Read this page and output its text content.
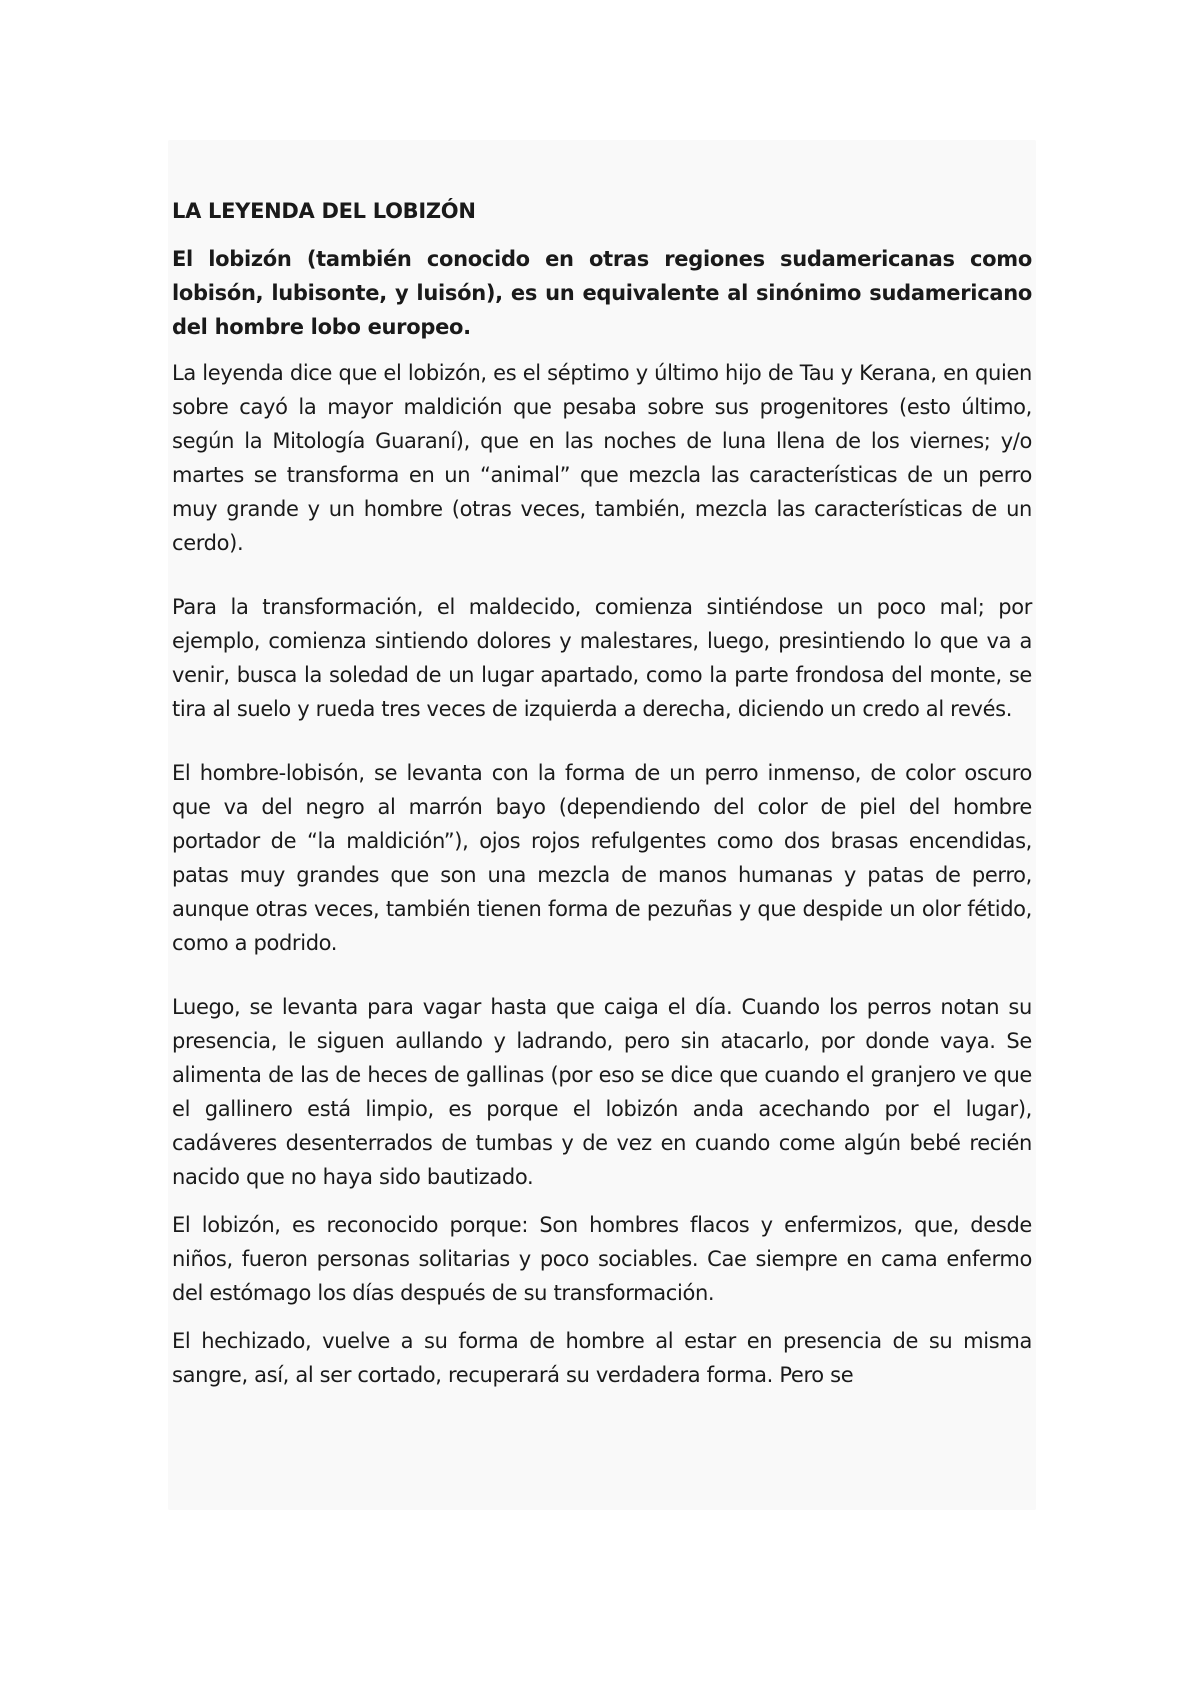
LA LEYENDA DEL LOBIZÓN

El lobizón (también conocido en otras regiones sudamericanas como lobisón, lubisonte, y luisón), es un equivalente al sinónimo sudamericano del hombre lobo europeo.

La leyenda dice que el lobizón, es el séptimo y último hijo de Tau y Kerana, en quien sobre cayó la mayor maldición que pesaba sobre sus progenitores (esto último, según la Mitología Guaraní), que en las noches de luna llena de los viernes; y/o martes se transforma en un “animal” que mezcla las características de un perro muy grande y un hombre (otras veces, también, mezcla las características de un cerdo).

Para la transformación, el maldecido, comienza sintiéndose un poco mal; por ejemplo, comienza sintiendo dolores y malestares, luego, presintiendo lo que va a venir, busca la soledad de un lugar apartado, como la parte frondosa del monte, se tira al suelo y rueda tres veces de izquierda a derecha, diciendo un credo al revés.

El hombre-lobisón, se levanta con la forma de un perro inmenso, de color oscuro que va del negro al marrón bayo (dependiendo del color de piel del hombre portador de “la maldición”), ojos rojos refulgentes como dos brasas encendidas, patas muy grandes que son una mezcla de manos humanas y patas de perro, aunque otras veces, también tienen forma de pezuñas y que despide un olor fétido, como a podrido.

Luego, se levanta para vagar hasta que caiga el día. Cuando los perros notan su presencia, le siguen aullando y ladrando, pero sin atacarlo, por donde vaya. Se alimenta de las de heces de gallinas (por eso se dice que cuando el granjero ve que el gallinero está limpio, es porque el lobizón anda acechando por el lugar), cadáveres desenterrados de tumbas y de vez en cuando come algún bebé recién nacido que no haya sido bautizado.

El lobizón, es reconocido porque: Son hombres flacos y enfermizos, que, desde niños, fueron personas solitarias y poco sociables. Cae siempre en cama enfermo del estómago los días después de su transformación.

El hechizado, vuelve a su forma de hombre al estar en presencia de su misma sangre, así, al ser cortado, recuperará su verdadera forma. Pero se
